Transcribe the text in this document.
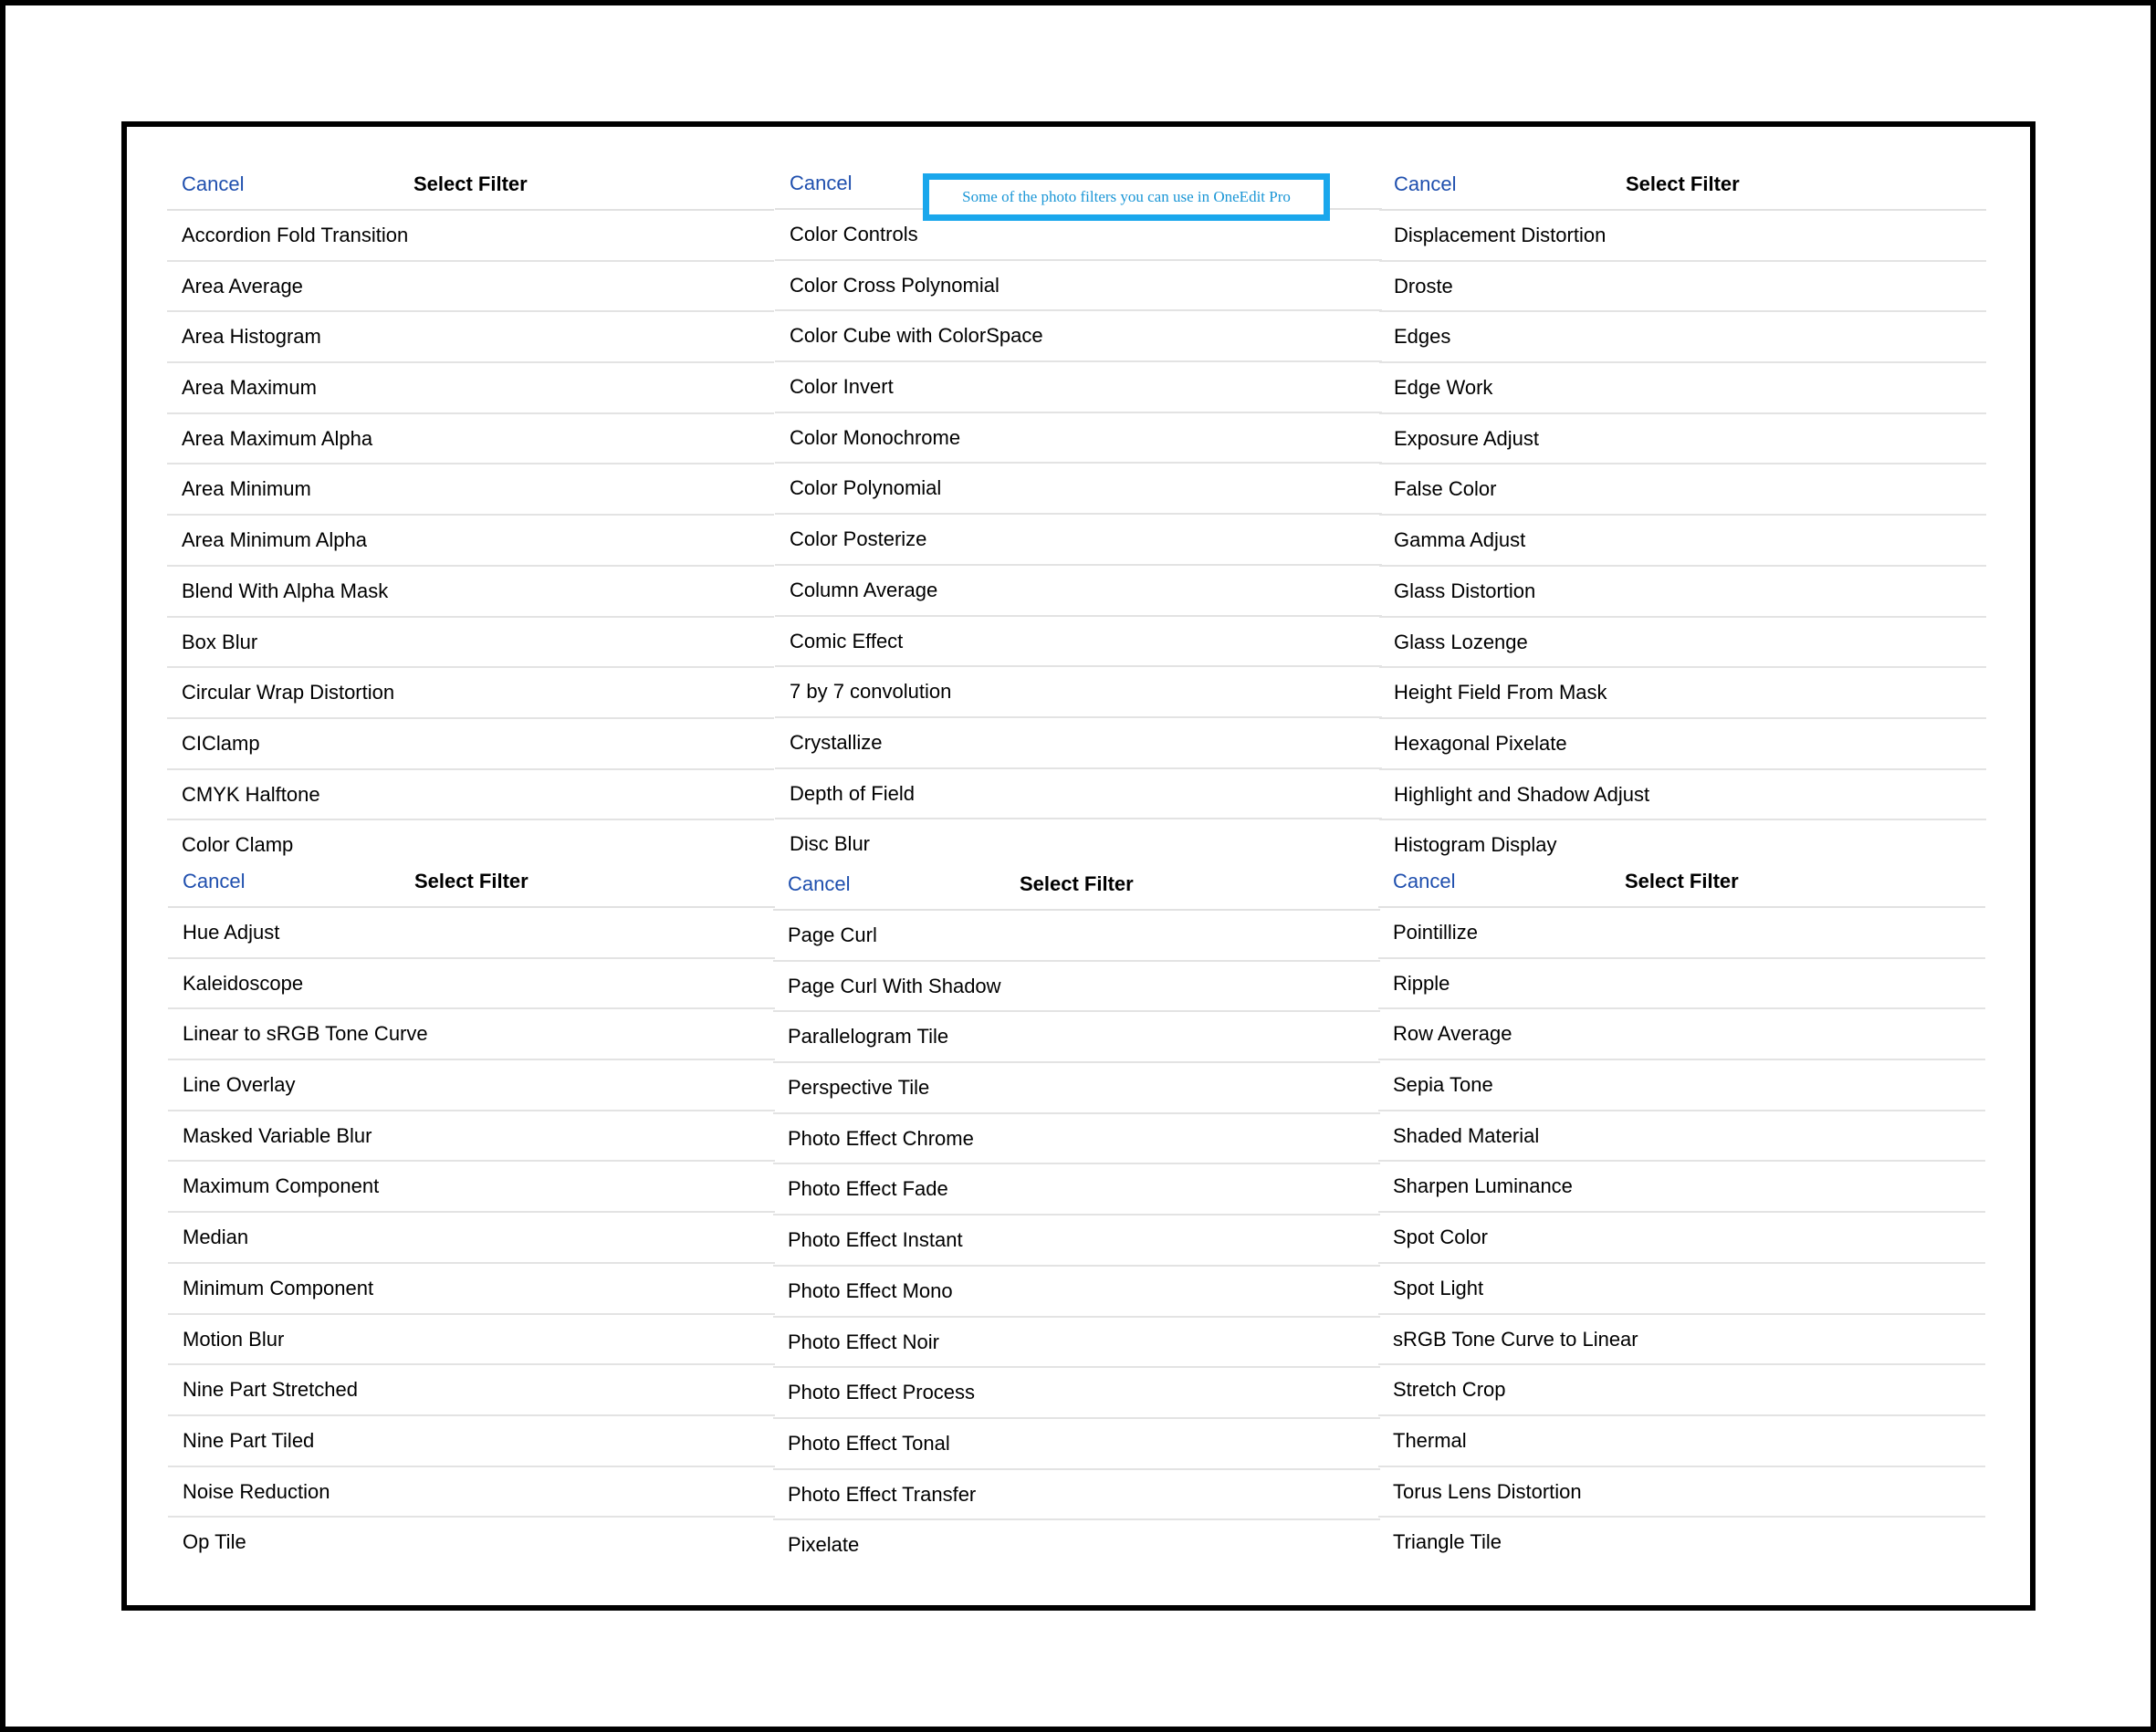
Cancel	Select Filter
Accordion Fold Transition
Area Average
Area Histogram
Area Maximum
Area Maximum Alpha
Area Minimum
Area Minimum Alpha
Blend With Alpha Mask
Box Blur
Circular Wrap Distortion
CIClamp
CMYK Halftone
Color Clamp
Cancel
Color Controls
Color Cross Polynomial
Color Cube with ColorSpace
Color Invert
Color Monochrome
Color Polynomial
Color Posterize
Column Average
Comic Effect
7 by 7 convolution
Crystallize
Depth of Field
Disc Blur
Cancel	Select Filter
Displacement Distortion
Droste
Edges
Edge Work
Exposure Adjust
False Color
Gamma Adjust
Glass Distortion
Glass Lozenge
Height Field From Mask
Hexagonal Pixelate
Highlight and Shadow Adjust
Histogram Display
Cancel	Select Filter
Hue Adjust
Kaleidoscope
Linear to sRGB Tone Curve
Line Overlay
Masked Variable Blur
Maximum Component
Median
Minimum Component
Motion Blur
Nine Part Stretched
Nine Part Tiled
Noise Reduction
Op Tile
Cancel	Select Filter
Page Curl
Page Curl With Shadow
Parallelogram Tile
Perspective Tile
Photo Effect Chrome
Photo Effect Fade
Photo Effect Instant
Photo Effect Mono
Photo Effect Noir
Photo Effect Process
Photo Effect Tonal
Photo Effect Transfer
Pixelate
Cancel	Select Filter
Pointillize
Ripple
Row Average
Sepia Tone
Shaded Material
Sharpen Luminance
Spot Color
Spot Light
sRGB Tone Curve to Linear
Stretch Crop
Thermal
Torus Lens Distortion
Triangle Tile
Some of the photo filters you can use in OneEdit Pro
